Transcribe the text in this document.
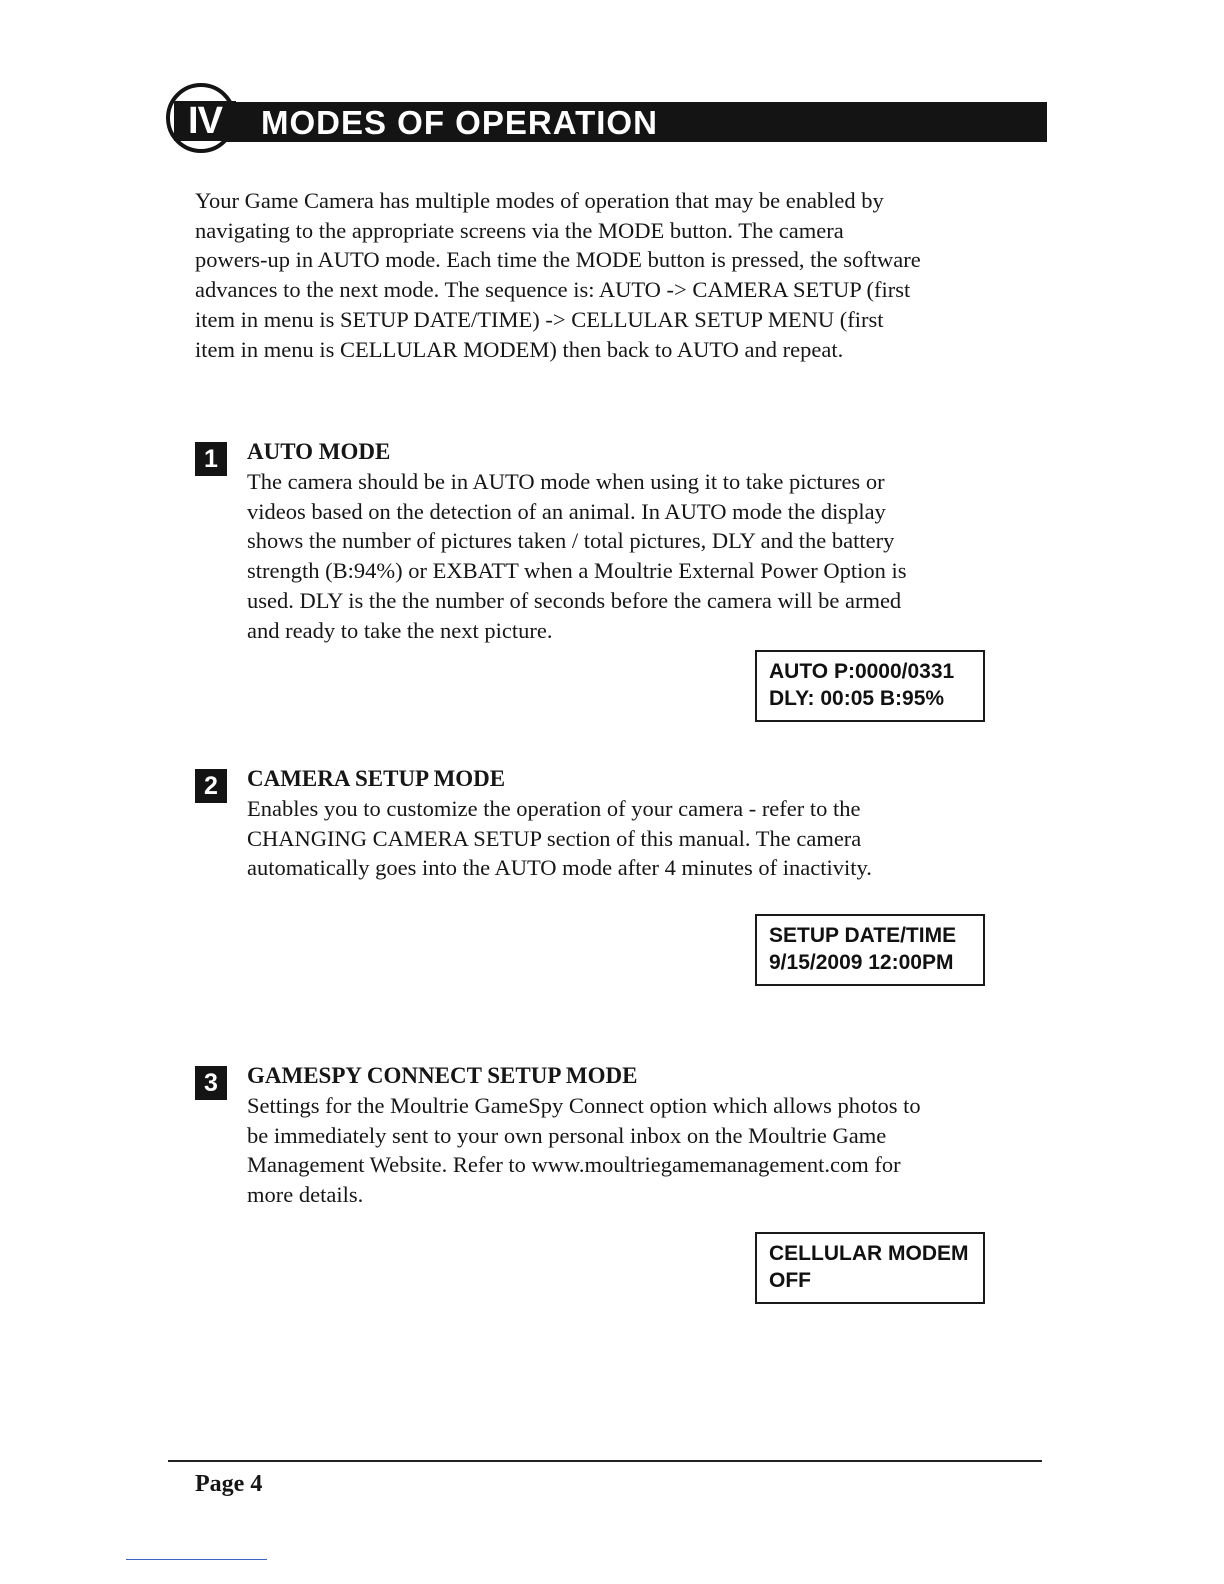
IV	MODES OF OPERATION
Your Game Camera has multiple modes of operation that may be enabled by
navigating to the appropriate screens via the MODE button. The camera
powers-up in AUTO mode. Each time the MODE button is pressed, the software
advances to the next mode. The sequence is: AUTO -> CAMERA SETUP (first
item in menu is SETUP DATE/TIME) -> CELLULAR SETUP MENU (first
item in menu is CELLULAR MODEM) then back to AUTO and repeat.
1	AUTO MODE
The camera should be in AUTO mode when using it to take pictures or
videos based on the detection of an animal. In AUTO mode the display
shows the number of pictures taken / total pictures, DLY and the battery
strength (B:94%) or EXBATT when a Moultrie External Power Option is
used. DLY is the the number of seconds before the camera will be armed
and ready to take the next picture.
AUTO P:0000/0331
DLY: 00:05 B:95%
2	CAMERA SETUP MODE
Enables you to customize the operation of your camera - refer to the
CHANGING CAMERA SETUP section of this manual. The camera
automatically goes into the AUTO mode after 4 minutes of inactivity.
SETUP DATE/TIME
9/15/2009 12:00PM
3	GAMESPY CONNECT SETUP MODE
Settings for the Moultrie GameSpy Connect option which allows photos to
be immediately sent to your own personal inbox on the Moultrie Game
Management Website. Refer to www.moultriegamemanagement.com for
more details.
CELLULAR MODEM
OFF
Page 4
